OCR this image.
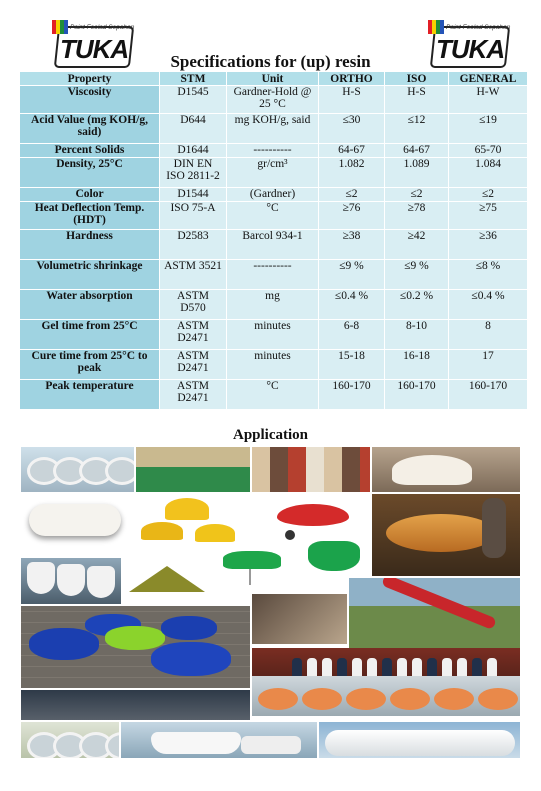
Paint Foolad Sepahan
TUKA
Paint Foolad Sepahan
TUKA
Specifications for (up) resin
Property	STM	Unit	ORTHO	ISO	GENERAL
Viscosity	D1545	Gardner-Hold @ 25 °C	H-S	H-S	H-W
Acid Value (mg KOH/g, said)	D644	mg KOH/g, said	≤30	≤12	≤19
Percent Solids	D1644	----------	64-67	64-67	65-70
Density, 25°C	DIN EN ISO 2811-2	gr/cm³	1.082	1.089	1.084
Color	D1544	(Gardner)	≤2	≤2	≤2
Heat Deflection Temp. (HDT)	ISO 75-A	°C	≥76	≥78	≥75
Hardness	D2583	Barcol 934-1	≥38	≥42	≥36
Volumetric shrinkage	ASTM 3521	----------	≤9 %	≤9 %	≤8 %
Water absorption	ASTM D570	mg	≤0.4 %	≤0.2 %	≤0.4 %
Gel time from 25°C	ASTM D2471	minutes	6-8	8-10	8
Cure time from 25°C to peak	ASTM D2471	minutes	15-18	16-18	17
Peak temperature	ASTM D2471	°C	160-170	160-170	160-170
Application
